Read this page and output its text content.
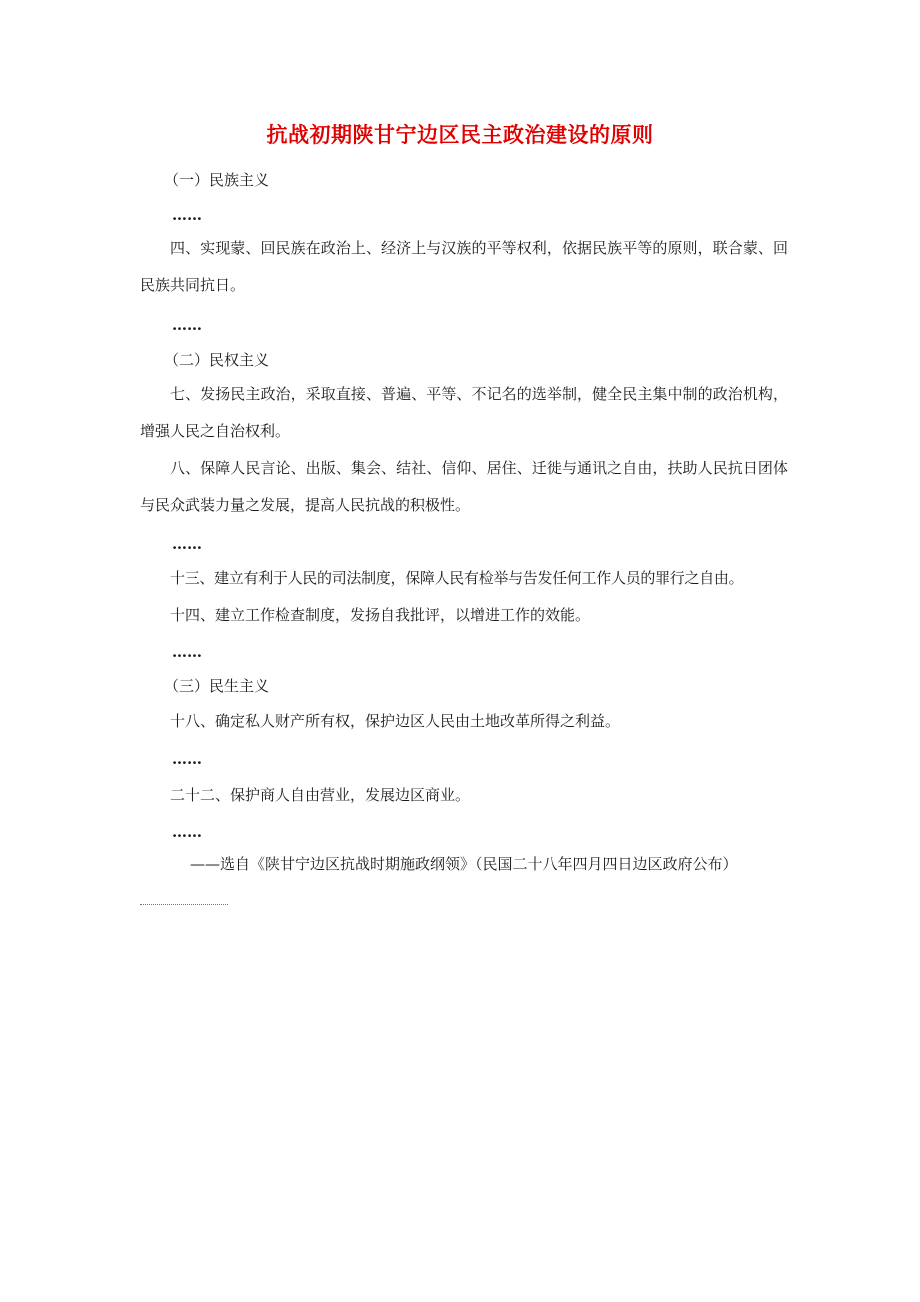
抗战初期陕甘宁边区民主政治建设的原则
（一）民族主义
……
四、实现蒙、回民族在政治上、经济上与汉族的平等权利，依据民族平等的原则，联合蒙、回民族共同抗日。
……
（二）民权主义
七、发扬民主政治，采取直接、普遍、平等、不记名的选举制，健全民主集中制的政治机构，增强人民之自治权利。
八、保障人民言论、出版、集会、结社、信仰、居住、迁徙与通讯之自由，扶助人民抗日团体与民众武装力量之发展，提高人民抗战的积极性。
……
十三、建立有利于人民的司法制度，保障人民有检举与告发任何工作人员的罪行之自由。
十四、建立工作检查制度，发扬自我批评，以增进工作的效能。
……
（三）民生主义
十八、确定私人财产所有权，保护边区人民由土地改革所得之利益。
……
二十二、保护商人自由营业，发展边区商业。
……
——选自《陕甘宁边区抗战时期施政纲领》（民国二十八年四月四日边区政府公布）
